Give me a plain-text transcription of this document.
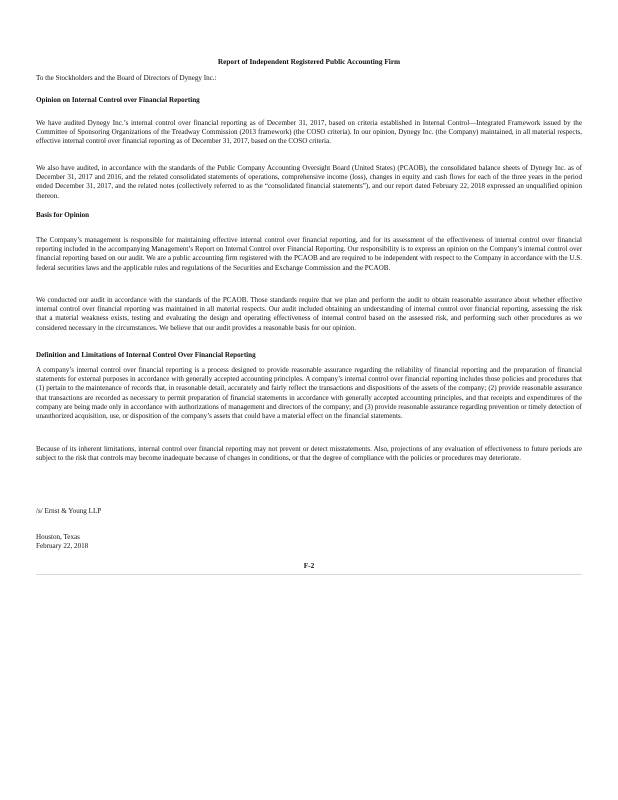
Report of Independent Registered Public Accounting Firm
To the Stockholders and the Board of Directors of Dynegy Inc.:
Opinion on Internal Control over Financial Reporting

We have audited Dynegy Inc.’s internal control over financial reporting as of December 31, 2017, based on criteria established in Internal Control—Integrated Framework issued by the Committee of Sponsoring Organizations of the Treadway Commission (2013 framework) (the COSO criteria). In our opinion, Dynegy Inc. (the Company) maintained, in all material respects, effective internal control over financial reporting as of December 31, 2017, based on the COSO criteria.

We also have audited, in accordance with the standards of the Public Company Accounting Oversight Board (United States) (PCAOB), the consolidated balance sheets of Dynegy Inc. as of December 31, 2017 and 2016, and the related consolidated statements of operations, comprehensive income (loss), changes in equity and cash flows for each of the three years in the period ended December 31, 2017, and the related notes (collectively referred to as the “consolidated financial statements”), and our report dated February 22, 2018 expressed an unqualified opinion thereon.

Basis for Opinion

The Company’s management is responsible for maintaining effective internal control over financial reporting, and for its assessment of the effectiveness of internal control over financial reporting included in the accompanying Management’s Report on Internal Control over Financial Reporting. Our responsibility is to express an opinion on the Company’s internal control over financial reporting based on our audit. We are a public accounting firm registered with the PCAOB and are required to be independent with respect to the Company in accordance with the U.S. federal securities laws and the applicable rules and regulations of the Securities and Exchange Commission and the PCAOB.

We conducted our audit in accordance with the standards of the PCAOB. Those standards require that we plan and perform the audit to obtain reasonable assurance about whether effective internal control over financial reporting was maintained in all material respects. Our audit included obtaining an understanding of internal control over financial reporting, assessing the risk that a material weakness exists, testing and evaluating the design and operating effectiveness of internal control based on the assessed risk, and performing such other procedures as we considered necessary in the circumstances. We believe that our audit provides a reasonable basis for our opinion.

Definition and Limitations of Internal Control Over Financial Reporting

A company’s internal control over financial reporting is a process designed to provide reasonable assurance regarding the reliability of financial reporting and the preparation of financial statements for external purposes in accordance with generally accepted accounting principles. A company’s internal control over financial reporting includes those policies and procedures that (1) pertain to the maintenance of records that, in reasonable detail, accurately and fairly reflect the transactions and dispositions of the assets of the company; (2) provide reasonable assurance that transactions are recorded as necessary to permit preparation of financial statements in accordance with generally accepted accounting principles, and that receipts and expenditures of the company are being made only in accordance with authorizations of management and directors of the company; and (3) provide reasonable assurance regarding prevention or timely detection of unauthorized acquisition, use, or disposition of the company’s assets that could have a material effect on the financial statements.

Because of its inherent limitations, internal control over financial reporting may not prevent or detect misstatements. Also, projections of any evaluation of effectiveness to future periods are subject to the risk that controls may become inadequate because of changes in conditions, or that the degree of compliance with the policies or procedures may deteriorate.

/s/ Ernst & Young LLP
Houston, Texas
February 22, 2018
F-2
